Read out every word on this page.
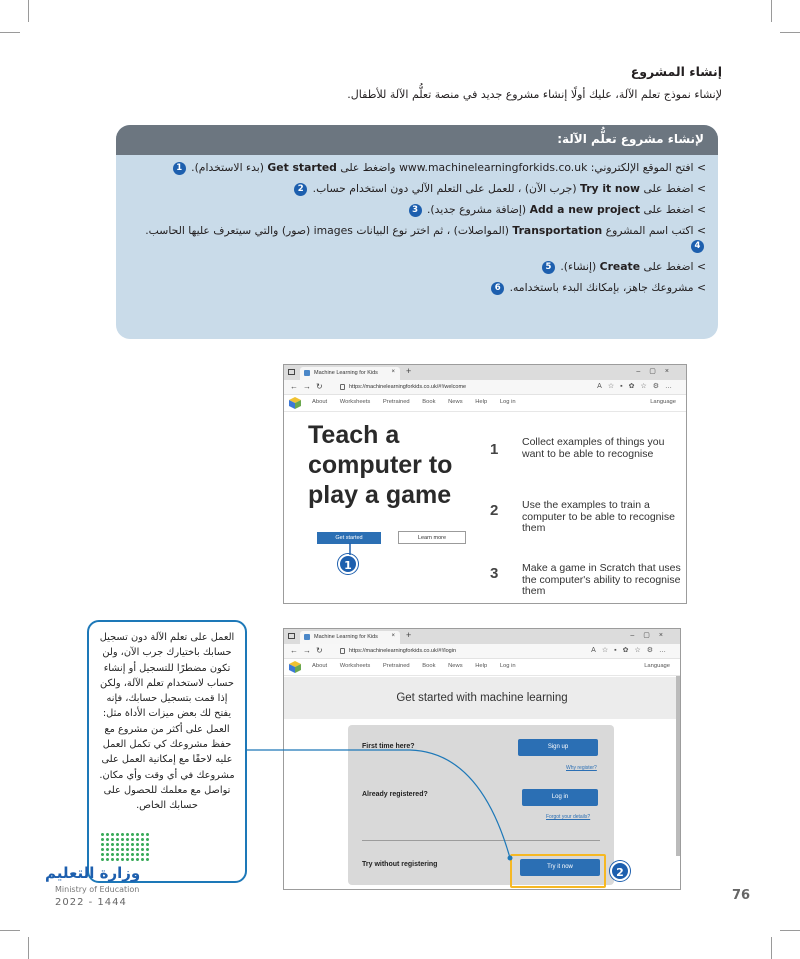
إنشاء المشروع
لإنشاء نموذج تعلم الآلة، عليك أولًا إنشاء مشروع جديد في منصة تعلُّم الآلة للأطفال.
لإنشاء مشروع تعلُّم الآلة:
> افتح الموقع الإلكتروني: www.machinelearningforkids.co.uk واضغط على Get started (بدء الاستخدام). 1
> اضغط على Try it now (جرب الآن) ، للعمل على التعلم الآلي دون استخدام حساب. 2
> اضغط على Add a new project (إضافة مشروع جديد). 3
> اكتب اسم المشروع Transportation (المواصلات) ، ثم اختر نوع البيانات images (صور) والتي سيتعرف عليها الحاسب. 4
> اضغط على Create (إنشاء). 5
> مشروعك جاهز، بإمكانك البدء باستخدامه. 6
Machine Learning for Kids × +	–▢×
←→↻	https://machinelearningforkids.co.uk/#!/welcome	A☆▪✿☆⚙…
About Worksheets Pretrained Book News Help Log in	Language
Teach a
computer to
play a game
Get started	Learn more
1 Collect examples of things you want to be able to recognise
2 Use the examples to train a computer to be able to recognise them
3 Make a game in Scratch that uses the computer's ability to recognise them
1
Machine Learning for Kids × +	–▢×
←→↻	https://machinelearningforkids.co.uk/#!/login	A☆▪✿☆⚙…
About Worksheets Pretrained Book News Help Log in	Language
Get started with machine learning
First time here?	Sign up
Why register?
Already registered?	Log in
Forgot your details?
Try without registering	Try it now	2
العمل على تعلم الآلة دون تسجيل حسابك باختيارك جرب الآن، ولن تكون مضطرًا للتسجيل أو إنشاء حساب لاستخدام تعلم الآلة، ولكن إذا قمت بتسجيل حسابك، فإنه يفتح لك بعض ميزات الأداة مثل: العمل على أكثر من مشروع مع حفظ مشروعك كي تكمل العمل عليه لاحقًا مع إمكانية العمل على مشروعك في أي وقت وأي مكان. تواصل مع معلمك للحصول على حسابك الخاص.
وزارة التعليم
Ministry of Education
2022 - 1444	76
